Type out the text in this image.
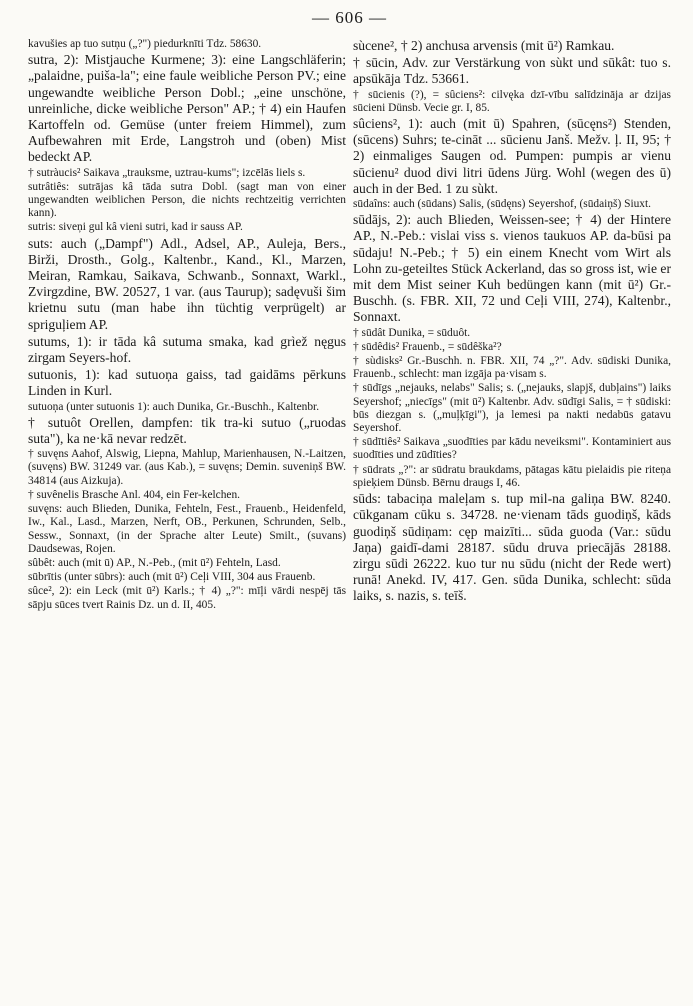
— 606 —

kavušies ap tuo sutņu („?") piedurknīti Tdz. 58630.

sutra, 2): Mistjauche Kurmene; 3): eine Langschläferin; „palaidne, puiša-la"; eine faule weibliche Person PV.; eine ungewandte weibliche Person Dobl.; „eine unschöne, unreinliche, dicke weibliche Person" AP.; † 4) ein Haufen Kartoffeln od. Gemüse (unter freiem Himmel), zum Aufbewahren mit Erde, Langstroh und (oben) Mist bedeckt AP.

† sutràucis² Saikava „trauksme, uztrau-kums"; izcēlās liels s.

sutrâtiês: sutrājas kâ tāda sutra Dobl. (sagt man von einer ungewandten weiblichen Person, die nichts rechtzeitig verrichten kann).

sutris: siveņi gul kâ vieni sutri, kad ir sauss AP.

suts: auch („Dampf") Adl., Adsel, AP., Auleja, Bers., Birži, Drosth., Golg., Kaltenbr., Kand., Kl., Marzen, Meiran, Ramkau, Saikava, Schwanb., Sonnaxt, Warkl., Zvirgzdine, BW. 20527, 1 var. (aus Taurup); sadęvuši šim krietnu sutu (man habe ihn tüchtig verprügelt) ar spriguļiem AP.

sutums, 1): ir tāda kâ sutuma smaka, kad grìež nęgus zirgam Seyers-hof.

sutuonis, 1): kad sutuoņa gaiss, tad gaidāms pērkuns Linden in Kurl.

sutuoņa (unter sutuonis 1): auch Dunika, Gr.-Buschh., Kaltenbr.

† sutuôt Orellen, dampfen: tik tra-ki sutuo („ruodas suta"), ka ne·kā nevar redzēt.

† suvęns Aahof, Alswig, Liepna, Mahlup, Marienhausen, N.-Laitzen, (suvęns) BW. 31249 var. (aus Kab.), = suvęns; Demin. suveniņš BW. 34814 (aus Aizkuja).

† suvênelis Brasche Anl. 404, ein Fer-kelchen.

suvęns: auch Blieden, Dunika, Fehteln, Fest., Frauenb., Heidenfeld, Iw., Kal., Lasd., Marzen, Nerft, OB., Perkunen, Schrunden, Selb., Sessw., Sonnaxt, (in der Sprache alter Leute) Smilt., (suvans) Daudsewas, Rojen.

sûbêt: auch (mit ū) AP., N.-Peb., (mit ū²) Fehteln, Lasd.

sūbrītis (unter sūbrs): auch (mit ū²) Ceļi VIII, 304 aus Frauenb.

sûce², 2): ein Leck (mit ū²) Karls.; † 4) „?": mīļi vārdi nespēj tās sāpju sūces tvert Rainis Dz. un d. II, 405.

sùcene², † 2) anchusa arvensis (mit ū²) Ramkau.

† sūcin, Adv. zur Verstärkung von sùkt und sūkât: tuo s. apsūkāja Tdz. 53661.

† sūcienis (?), = sûciens²: cilvęka dzī-vību salīdzināja ar dzijas sūcieni Dünsb. Vecie gr. I, 85.

sûciens², 1): auch (mit ū) Spahren, (sūcęns²) Stenden, (sūcens) Suhrs; te-cināt ... sūcienu Janš. Mežv. ļ. II, 95; † 2) einmaliges Saugen od. Pumpen: pumpis ar vienu sūcienu² duod divi litri ūdens Jürg. Wohl (wegen des ū) auch in der Bed. 1 zu sùkt.

sūdaîns: auch (sūdans) Salis, (sūdęns) Seyershof, (sūdaiņš) Siuxt.

sūdājs, 2): auch Blieden, Weissen-see; † 4) der Hintere AP., N.-Peb.: vislai viss s. vienos taukuos AP. da-būsi pa sūdaju! N.-Peb.; † 5) ein einem Knecht vom Wirt als Lohn zu-geteiltes Stück Ackerland, das so gross ist, wie er mit dem Mist seiner Kuh bedüngen kann (mit ū²) Gr.-Buschh. (s. FBR. XII, 72 und Ceļi VIII, 274), Kaltenbr., Sonnaxt.

† sūdât Dunika, = sūduôt.

† sūdêdis² Frauenb., = sūdêška²?

† sùdisks² Gr.-Buschh. n. FBR. XII, 74 „?". Adv. sūdiski Dunika, Frauenb., schlecht: man izgāja pa·visam s.

† sūdīgs „nejauks, nelabs" Salis; s. („nejauks, slapjš, dubļains") laiks Seyershof; „niecīgs" (mit ū²) Kaltenbr. Adv. sūdīgi Salis, = † sūdiski: būs diezgan s. („muļķīgi"), ja lemesi pa nakti nedabūs gatavu Seyershof.

† sūdītiês² Saikava „suodīties par kādu neveiksmi". Kontaminiert aus suodīties und zūdīties?

† sūdrats „?": ar sūdratu braukdams, pātagas kātu pielaidis pie riteņa spieķiem Dünsb. Bērnu draugs I, 46.

sūds: tabaciņa maleļam s. tup mil-na galiņa BW. 8240. cūkganam cūku s. 34728. ne·vienam tāds guodiņš, kāds guodiņš sūdiņam: cęp maizīti... sūda guoda (Var.: sūdu Jaņa) gaidī-dami 28187. sūdu druva priecājās 28188. zirgu sūdi 26222. kuo tur nu sūdu (nicht der Rede wert) runā! Anekd. IV, 417. Gen. sūda Dunika, schlecht: sūda laiks, s. nazis, s. teīš.
